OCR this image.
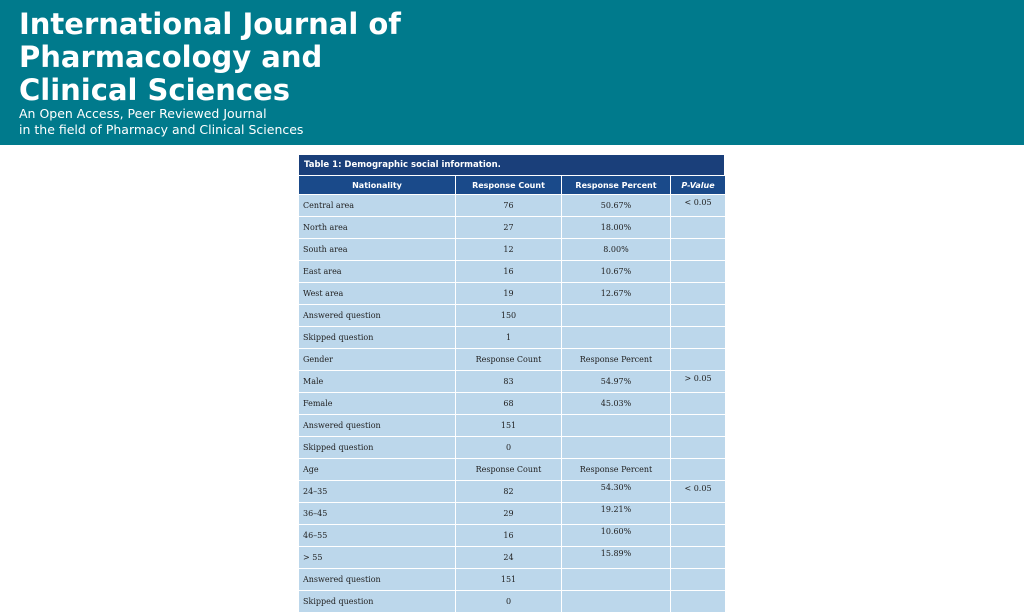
International Journal of
Pharmacology and
Clinical Sciences
An Open Access, Peer Reviewed Journal
in the field of Pharmacy and Clinical Sciences
Table 1: Demographic social information.
Nationality	Response Count	Response Percent	P-Value
Central area	76	50.67%	< 0.05
North area	27	18.00%	
South area	12	8.00%	
East area	16	10.67%	
West area	19	12.67%	
Answered question	150		
Skipped question	1		
Gender	Response Count	Response Percent	
Male	83	54.97%	> 0.05
Female	68	45.03%	
Answered question	151		
Skipped question	0		
Age	Response Count	Response Percent	
24–35	82	54.30%	< 0.05
36–45	29	19.21%	
46–55	16	10.60%	
> 55	24	15.89%	
Answered question	151		
Skipped question	0		
